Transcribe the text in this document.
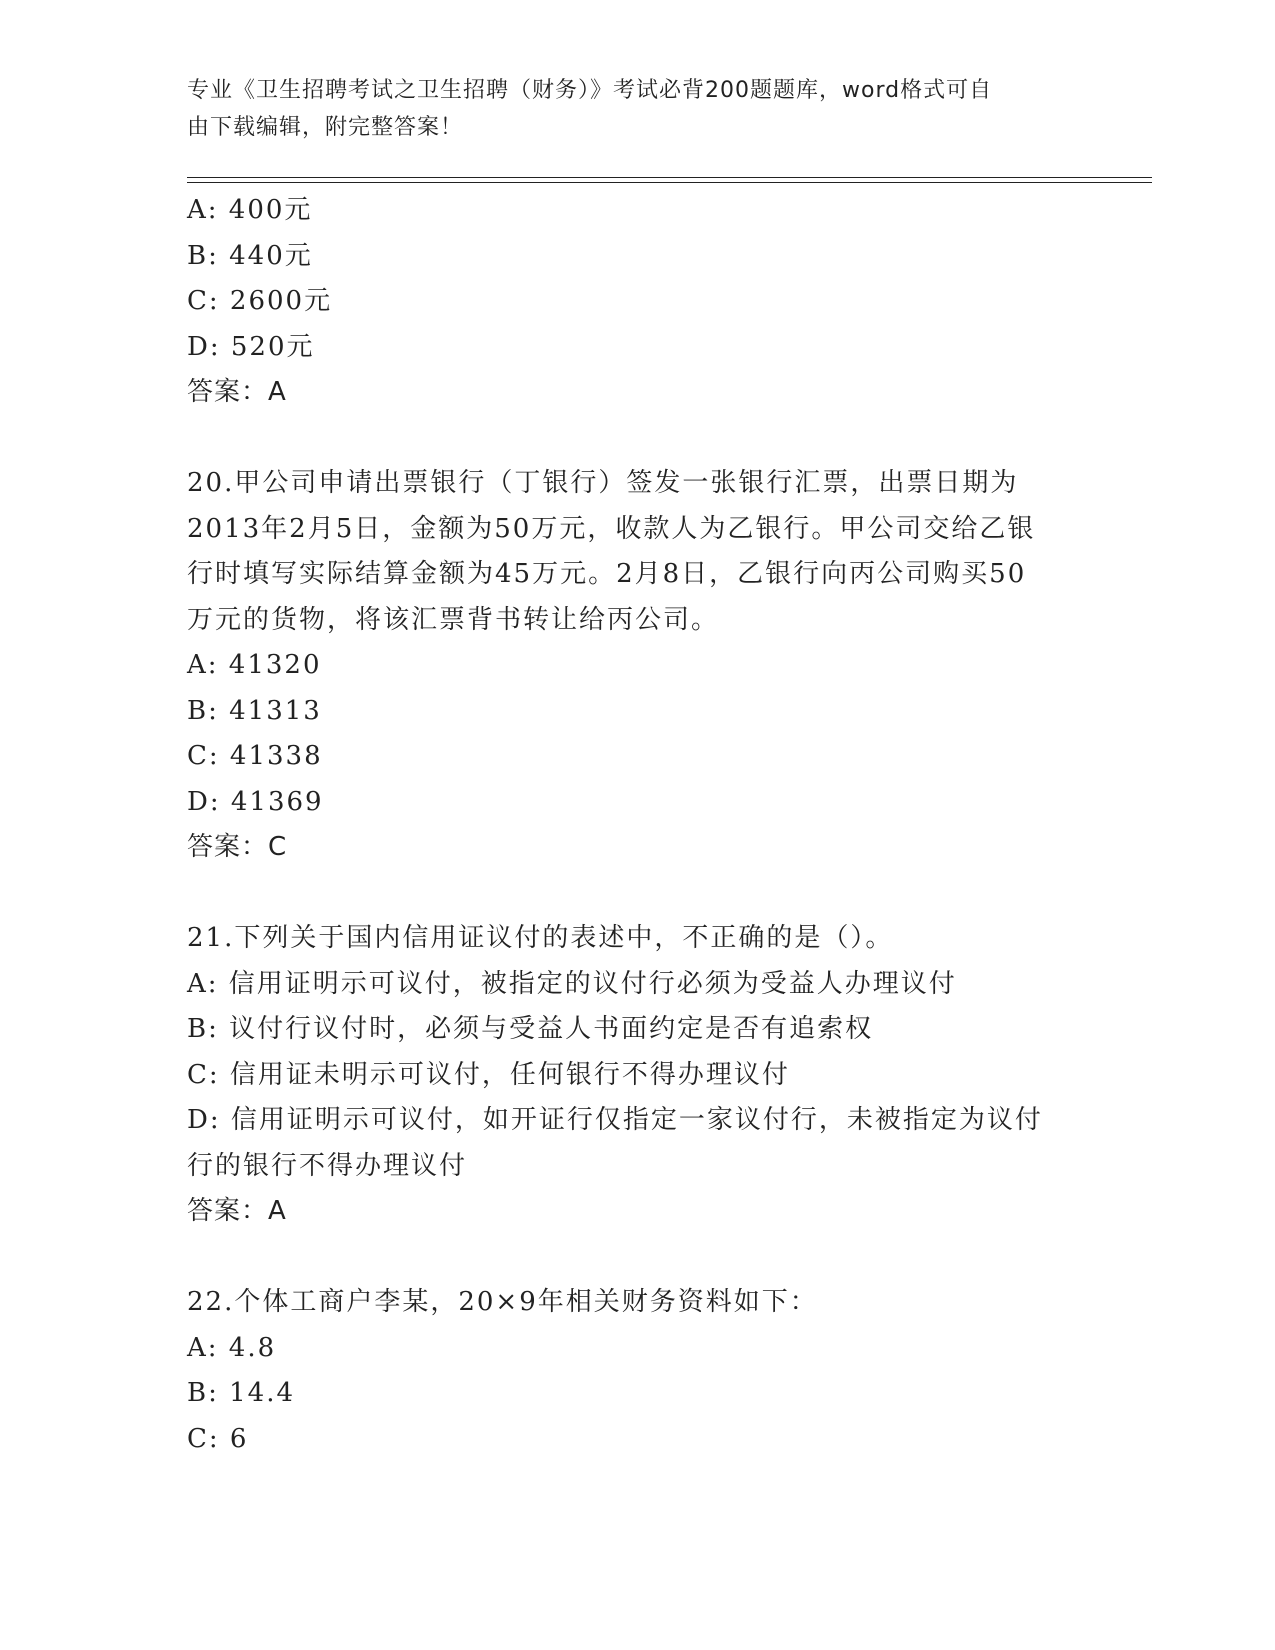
专业《卫生招聘考试之卫生招聘（财务）》考试必背200题题库，word格式可自
由下载编辑，附完整答案！
A: 400元
B: 440元
C: 2600元
D: 520元
答案：A
20.甲公司申请出票银行（丁银行）签发一张银行汇票，出票日期为
2013年2月5日，金额为50万元，收款人为乙银行。甲公司交给乙银
行时填写实际结算金额为45万元。2月8日，乙银行向丙公司购买50
万元的货物，将该汇票背书转让给丙公司。
A: 41320
B: 41313
C: 41338
D: 41369
答案：C
21.下列关于国内信用证议付的表述中，不正确的是（）。
A: 信用证明示可议付，被指定的议付行必须为受益人办理议付
B: 议付行议付时，必须与受益人书面约定是否有追索权
C: 信用证未明示可议付，任何银行不得办理议付
D: 信用证明示可议付，如开证行仅指定一家议付行，未被指定为议付
行的银行不得办理议付
答案：A
22.个体工商户李某，20×9年相关财务资料如下：
A: 4.8
B: 14.4
C: 6
